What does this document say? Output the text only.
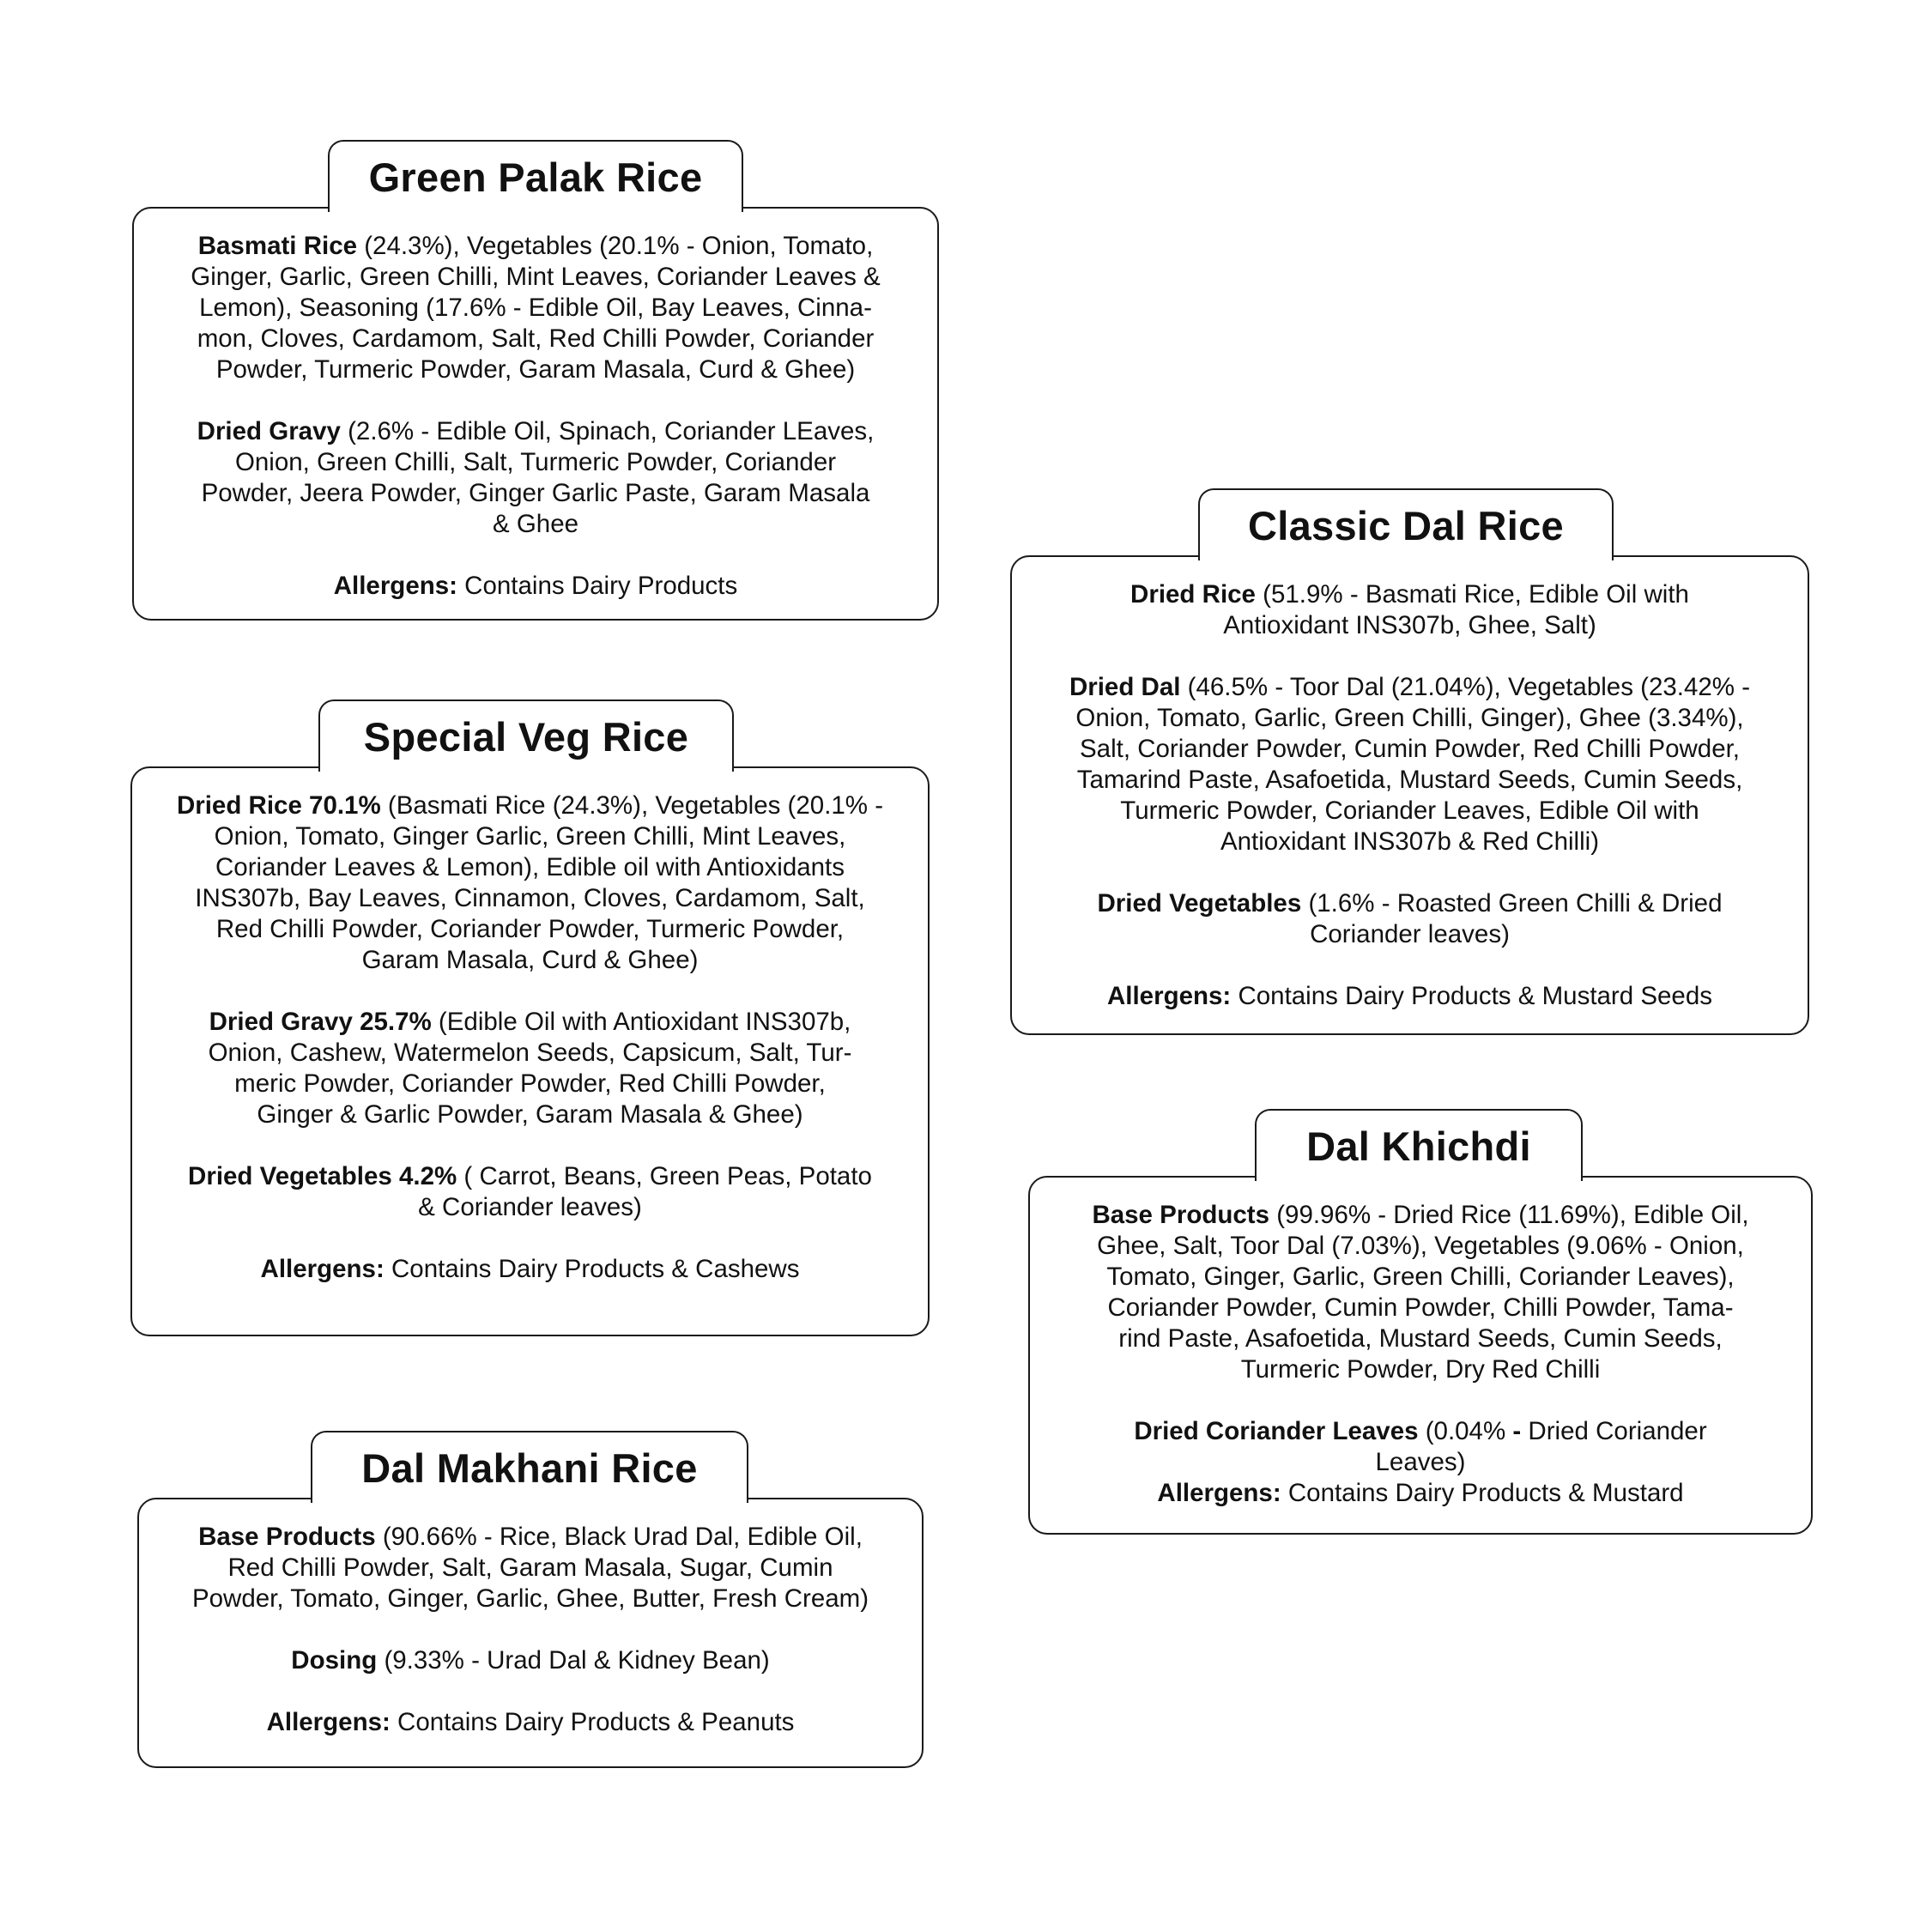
Green Palak Rice

Basmati Rice (24.3%), Vegetables (20.1% - Onion, Tomato,
Ginger, Garlic, Green Chilli, Mint Leaves, Coriander Leaves &
Lemon), Seasoning (17.6% - Edible Oil, Bay Leaves, Cinna-
mon, Cloves, Cardamom, Salt, Red Chilli Powder, Coriander
Powder, Turmeric Powder, Garam Masala, Curd & Ghee)

Dried Gravy (2.6% - Edible Oil, Spinach, Coriander LEaves,
Onion, Green Chilli, Salt, Turmeric Powder, Coriander
Powder, Jeera Powder, Ginger Garlic Paste, Garam Masala
& Ghee

Allergens: Contains Dairy Products

Special Veg Rice

Dried Rice 70.1% (Basmati Rice (24.3%), Vegetables (20.1% -
Onion, Tomato, Ginger Garlic, Green Chilli, Mint Leaves,
Coriander Leaves & Lemon), Edible oil with Antioxidants
INS307b, Bay Leaves, Cinnamon, Cloves, Cardamom, Salt,
Red Chilli Powder, Coriander Powder, Turmeric Powder,
Garam Masala, Curd & Ghee)

Dried Gravy 25.7% (Edible Oil with Antioxidant INS307b,
Onion, Cashew, Watermelon Seeds, Capsicum, Salt, Tur-
meric Powder, Coriander Powder, Red Chilli Powder,
Ginger & Garlic Powder, Garam Masala & Ghee)

Dried Vegetables 4.2% ( Carrot, Beans, Green Peas, Potato
& Coriander leaves)

Allergens: Contains Dairy Products & Cashews

Dal Makhani Rice

Base Products (90.66% - Rice, Black Urad Dal, Edible Oil,
Red Chilli Powder, Salt, Garam Masala, Sugar, Cumin
Powder, Tomato, Ginger, Garlic, Ghee, Butter, Fresh Cream)

Dosing (9.33% - Urad Dal & Kidney Bean)

Allergens: Contains Dairy Products & Peanuts

Classic Dal Rice

Dried Rice (51.9% - Basmati Rice, Edible Oil with
Antioxidant INS307b, Ghee, Salt)

Dried Dal (46.5% - Toor Dal (21.04%), Vegetables (23.42% -
Onion, Tomato, Garlic, Green Chilli, Ginger), Ghee (3.34%),
Salt, Coriander Powder, Cumin Powder, Red Chilli Powder,
Tamarind Paste, Asafoetida, Mustard Seeds, Cumin Seeds,
Turmeric Powder, Coriander Leaves, Edible Oil with
Antioxidant INS307b & Red Chilli)

Dried Vegetables (1.6% - Roasted Green Chilli & Dried
Coriander leaves)

Allergens: Contains Dairy Products & Mustard Seeds

Dal Khichdi

Base Products (99.96% - Dried Rice (11.69%), Edible Oil,
Ghee, Salt, Toor Dal (7.03%), Vegetables (9.06% - Onion,
Tomato, Ginger, Garlic, Green Chilli, Coriander Leaves),
Coriander Powder, Cumin Powder, Chilli Powder, Tama-
rind Paste, Asafoetida, Mustard Seeds, Cumin Seeds,
Turmeric Powder, Dry Red Chilli

Dried Coriander Leaves (0.04% - Dried Coriander
Leaves)

Allergens: Contains Dairy Products & Mustard
